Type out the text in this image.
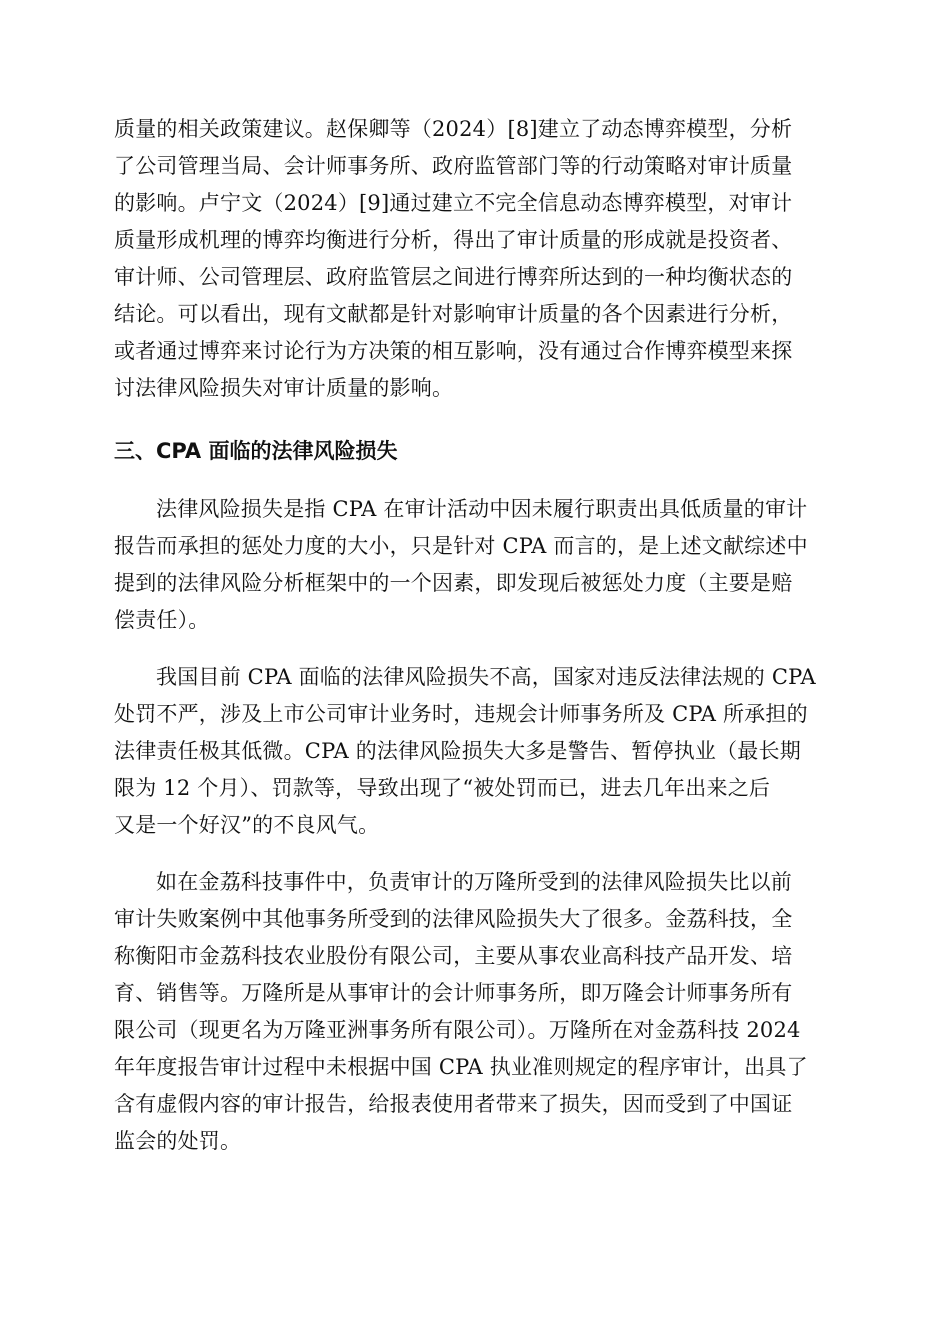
质量的相关政策建议。赵保卿等（2024）[8]建立了动态博弈模型，分析
了公司管理当局、会计师事务所、政府监管部门等的行动策略对审计质量
的影响。卢宁文（2024）[9]通过建立不完全信息动态博弈模型，对审计
质量形成机理的博弈均衡进行分析，得出了审计质量的形成就是投资者、
审计师、公司管理层、政府监管层之间进行博弈所达到的一种均衡状态的
结论。可以看出，现有文献都是针对影响审计质量的各个因素进行分析，
或者通过博弈来讨论行为方决策的相互影响，没有通过合作博弈模型来探
讨法律风险损失对审计质量的影响。
三、CPA 面临的法律风险损失
法律风险损失是指 CPA 在审计活动中因未履行职责出具低质量的审计
报告而承担的惩处力度的大小，只是针对 CPA 而言的，是上述文献综述中
提到的法律风险分析框架中的一个因素，即发现后被惩处力度（主要是赔
偿责任）。
我国目前 CPA 面临的法律风险损失不高，国家对违反法律法规的 CPA
处罚不严，涉及上市公司审计业务时，违规会计师事务所及 CPA 所承担的
法律责任极其低微。CPA 的法律风险损失大多是警告、暂停执业（最长期
限为 12 个月）、罚款等，导致出现了“被处罚而已，进去几年出来之后
又是一个好汉”的不良风气。
如在金荔科技事件中，负责审计的万隆所受到的法律风险损失比以前
审计失败案例中其他事务所受到的法律风险损失大了很多。金荔科技，全
称衡阳市金荔科技农业股份有限公司，主要从事农业高科技产品开发、培
育、销售等。万隆所是从事审计的会计师事务所，即万隆会计师事务所有
限公司（现更名为万隆亚洲事务所有限公司）。万隆所在对金荔科技 2024
年年度报告审计过程中未根据中国 CPA 执业准则规定的程序审计，出具了
含有虚假内容的审计报告，给报表使用者带来了损失，因而受到了中国证
监会的处罚。
